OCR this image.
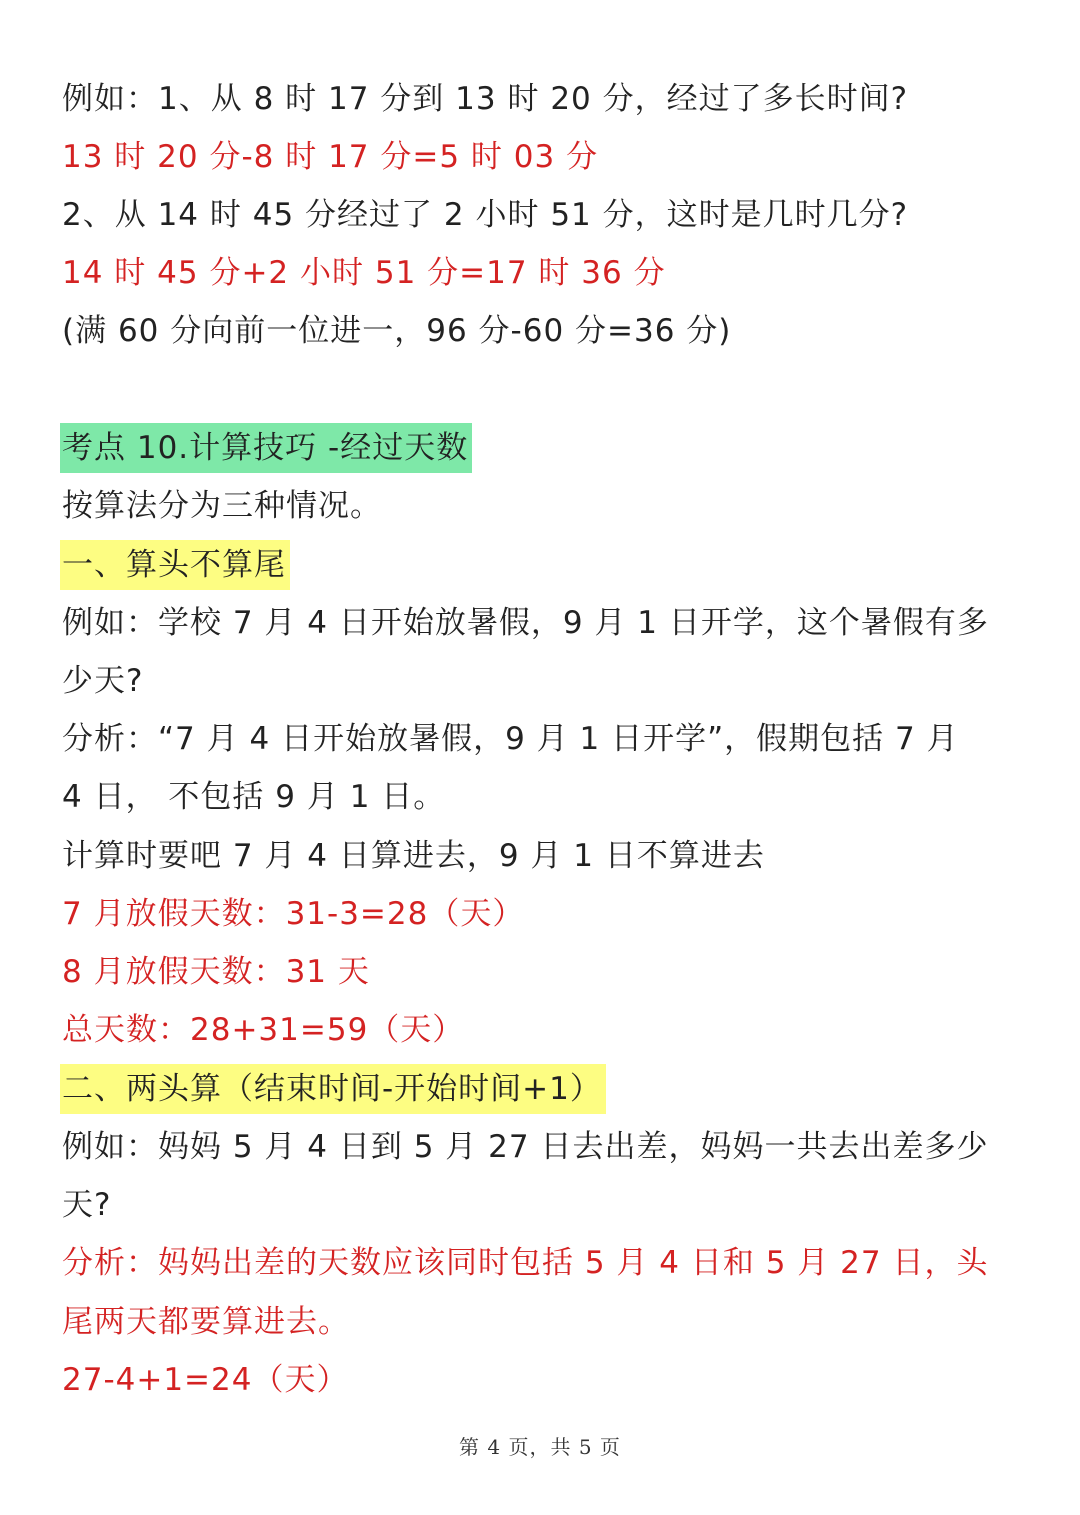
例如：1、从 8 时 17 分到 13 时 20 分，经过了多长时间?
13 时 20 分-8 时 17 分=5 时 03 分
2、从 14 时 45 分经过了 2 小时 51 分，这时是几时几分?
14 时 45 分+2 小时 51 分=17 时 36 分
(满 60 分向前一位进一，96 分-60 分=36 分)
考点 10.计算技巧 -经过天数
按算法分为三种情况。
一、算头不算尾
例如：学校 7 月 4 日开始放暑假，9 月 1 日开学，这个暑假有多
少天?
分析：“7 月 4 日开始放暑假，9 月 1 日开学”，假期包括 7 月
4 日， 不包括 9 月 1 日。
计算时要吧 7 月 4 日算进去，9 月 1 日不算进去
7 月放假天数：31-3=28（天）
8 月放假天数：31 天
总天数：28+31=59（天）
二、两头算（结束时间-开始时间+1）
例如：妈妈 5 月 4 日到 5 月 27 日去出差，妈妈一共去出差多少
天?
分析：妈妈出差的天数应该同时包括 5 月 4 日和 5 月 27 日，头
尾两天都要算进去。
27-4+1=24（天）
第 4 页，共 5 页
